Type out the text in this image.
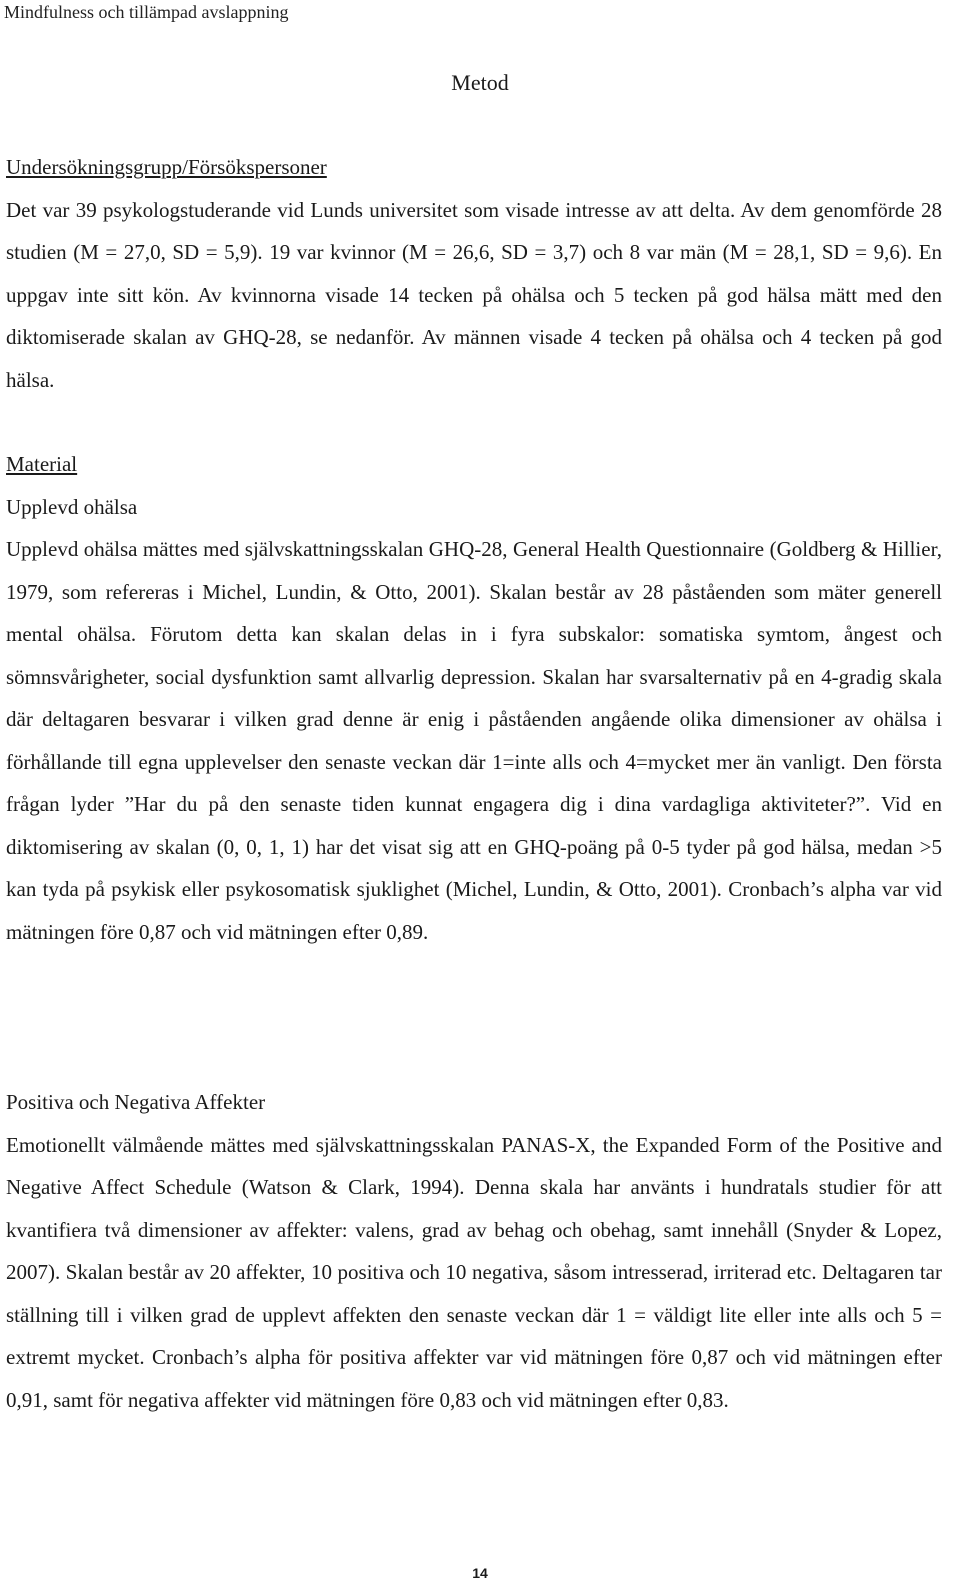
Mindfulness och tillämpad avslappning
Metod

Undersökningsgrupp/Försökspersoner

Det var 39 psykologstuderande vid Lunds universitet som visade intresse av att delta. Av dem genomförde 28 studien (M = 27,0, SD = 5,9). 19 var kvinnor (M = 26,6, SD = 3,7) och 8 var män (M = 28,1, SD = 9,6). En uppgav inte sitt kön. Av kvinnorna visade 14 tecken på ohälsa och 5 tecken på god hälsa mätt med den diktomiserade skalan av GHQ-28, se nedanför. Av männen visade 4 tecken på ohälsa och 4 tecken på god hälsa.

Material

Upplevd ohälsa

Upplevd ohälsa mättes med självskattningsskalan GHQ-28, General Health Questionnaire (Goldberg & Hillier, 1979, som refereras i Michel, Lundin, & Otto, 2001). Skalan består av 28 påståenden som mäter generell mental ohälsa. Förutom detta kan skalan delas in i fyra subskalor: somatiska symtom, ångest och sömnsvårigheter, social dysfunktion samt allvarlig depression. Skalan har svarsalternativ på en 4-gradig skala där deltagaren besvarar i vilken grad denne är enig i påståenden angående olika dimensioner av ohälsa i förhållande till egna upplevelser den senaste veckan där 1=inte alls och 4=mycket mer än vanligt. Den första frågan lyder ”Har du på den senaste tiden kunnat engagera dig i dina vardagliga aktiviteter?”. Vid en diktomisering av skalan (0, 0, 1, 1) har det visat sig att en GHQ-poäng på 0-5 tyder på god hälsa, medan >5 kan tyda på psykisk eller psykosomatisk sjuklighet (Michel, Lundin, & Otto, 2001). Cronbach’s alpha var vid mätningen före 0,87 och vid mätningen efter 0,89.

Positiva och Negativa Affekter

Emotionellt välmående mättes med självskattningsskalan PANAS-X, the Expanded Form of the Positive and Negative Affect Schedule (Watson & Clark, 1994). Denna skala har använts i hundratals studier för att kvantifiera två dimensioner av affekter: valens, grad av behag och obehag, samt innehåll (Snyder & Lopez, 2007). Skalan består av 20 affekter, 10 positiva och 10 negativa, såsom intresserad, irriterad etc. Deltagaren tar ställning till i vilken grad de upplevt affekten den senaste veckan där 1 = väldigt lite eller inte alls och 5 = extremt mycket. Cronbach’s alpha för positiva affekter var vid mätningen före 0,87 och vid mätningen efter 0,91, samt för negativa affekter vid mätningen före 0,83 och vid mätningen efter 0,83.

14
